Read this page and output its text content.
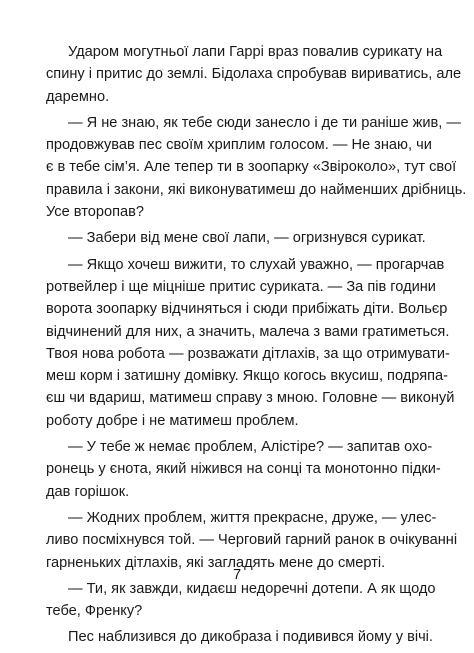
Ударом могутньої лапи Гаррі враз повалив сурикату на
спину і притис до землі. Бідолаха спробував вириватись, але
даремно.
— Я не знаю, як тебе сюди занесло і де ти раніше жив, —
продовжував пес своїм хриплим голосом. — Не знаю, чи
є в тебе сім’я. Але тепер ти в зоопарку «Звіроколо», тут свої
правила і закони, які виконуватимеш до найменших дрібниць.
Усе второпав?
— Забери від мене свої лапи, — огризнувся сурикат.
— Якщо хочеш вижити, то слухай уважно, — прогарчав
ротвейлер і ще міцніше притис суриката. — За пів години
ворота зоопарку відчиняться і сюди прибіжать діти. Вольєр
відчинений для них, а значить, малеча з вами гратиметься.
Твоя нова робота — розважати дітлахів, за що отримувати-
меш корм і затишну домівку. Якщо когось вкусиш, подряпа-
єш чи вдариш, матимеш справу з мною. Головне — виконуй
роботу добре і не матимеш проблем.
— У тебе ж немає проблем, Алістіре? — запитав охо-
ронець у єнота, який ніжився на сонці та монотонно підки-
дав горішок.
— Жодних проблем, життя прекрасне, друже, — улес-
ливо посміхнувся той. — Черговий гарний ранок в очікуванні
гарненьких дітлахів, які загладять мене до смерті.
— Ти, як завжди, кидаєш недоречні дотепи. А як щодо
тебе, Френку?
Пес наблизився до дикобраза і подивився йому у вічі.
7
